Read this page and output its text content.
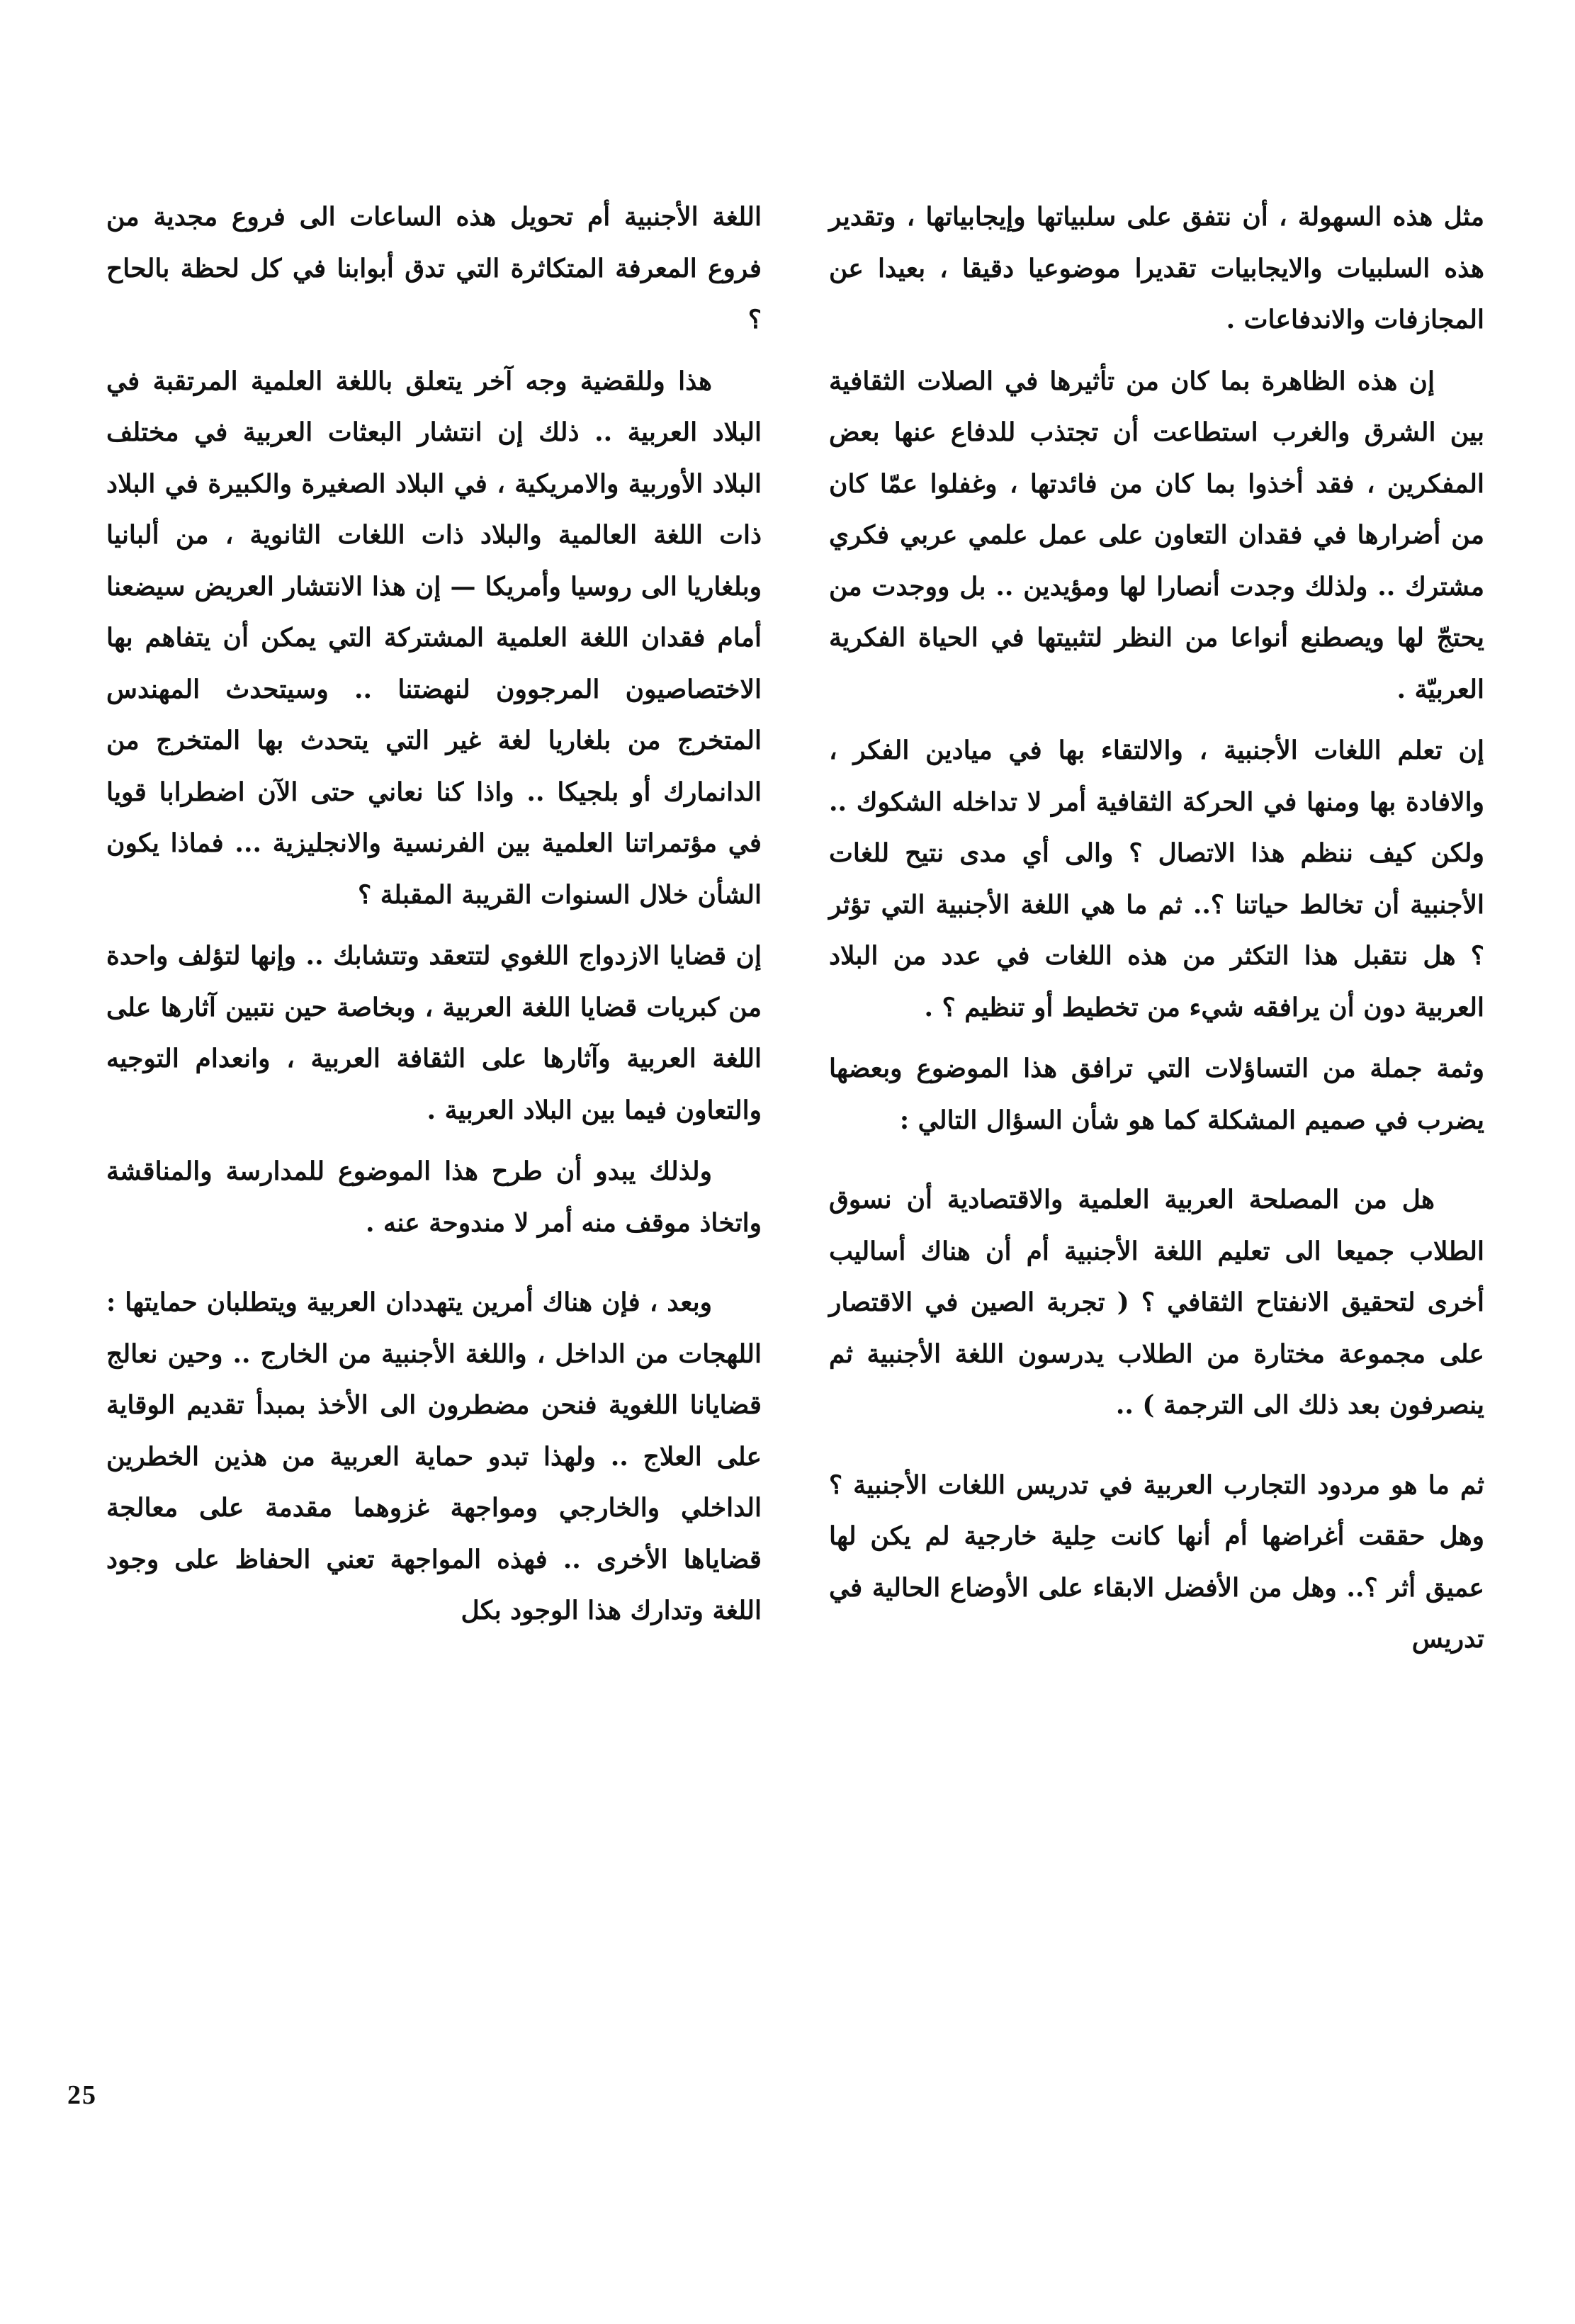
مثل هذه السهولة ، أن نتفق على سلبياتها وإيجابياتها ، وتقدير هذه السلبيات والايجابيات تقديرا موضوعيا دقيقا ، بعيدا عن المجازفات والاندفاعات .

إن هذه الظاهرة بما كان من تأثيرها في الصلات الثقافية بين الشرق والغرب استطاعت أن تجتذب للدفاع عنها بعض المفكرين ، فقد أخذوا بما كان من فائدتها ، وغفلوا عمّا كان من أضرارها في فقدان التعاون على عمل علمي عربي فكري مشترك .. ولذلك وجدت أنصارا لها ومؤيدين .. بل ووجدت من يحتجّ لها ويصطنع أنواعا من النظر لتثبيتها في الحياة الفكرية العربيّة .

إن تعلم اللغات الأجنبية ، والالتقاء بها في ميادين الفكر ، والافادة بها ومنها في الحركة الثقافية أمر لا تداخله الشكوك .. ولكن كيف ننظم هذا الاتصال ؟ والى أي مدى نتيح للغات الأجنبية أن تخالط حياتنا ؟.. ثم ما هي اللغة الأجنبية التي تؤثر ؟ هل نتقبل هذا التكثر من هذه اللغات في عدد من البلاد العربية دون أن يرافقه شيء من تخطيط أو تنظيم ؟ .

وثمة جملة من التساؤلات التي ترافق هذا الموضوع وبعضها يضرب في صميم المشكلة كما هو شأن السؤال التالي :

هل من المصلحة العربية العلمية والاقتصادية أن نسوق الطلاب جميعا الى تعليم اللغة الأجنبية أم أن هناك أساليب أخرى لتحقيق الانفتاح الثقافي ؟ ( تجربة الصين في الاقتصار على مجموعة مختارة من الطلاب يدرسون اللغة الأجنبية ثم ينصرفون بعد ذلك الى الترجمة ) ..

ثم ما هو مردود التجارب العربية في تدريس اللغات الأجنبية ؟ وهل حققت أغراضها أم أنها كانت حِلية خارجية لم يكن لها عميق أثر ؟.. وهل من الأفضل الابقاء على الأوضاع الحالية في تدريس

اللغة الأجنبية أم تحويل هذه الساعات الى فروع مجدية من فروع المعرفة المتكاثرة التي تدق أبوابنا في كل لحظة بالحاح ؟

هذا وللقضية وجه آخر يتعلق باللغة العلمية المرتقبة في البلاد العربية .. ذلك إن انتشار البعثات العربية في مختلف البلاد الأوربية والامريكية ، في البلاد الصغيرة والكبيرة في البلاد ذات اللغة العالمية والبلاد ذات اللغات الثانوية ، من ألبانيا وبلغاريا الى روسيا وأمريكا — إن هذا الانتشار العريض سيضعنا أمام فقدان اللغة العلمية المشتركة التي يمكن أن يتفاهم بها الاختصاصيون المرجوون لنهضتنا .. وسيتحدث المهندس المتخرج من بلغاريا لغة غير التي يتحدث بها المتخرج من الدانمارك أو بلجيكا .. واذا كنا نعاني حتى الآن اضطرابا قويا في مؤتمراتنا العلمية بين الفرنسية والانجليزية ... فماذا يكون الشأن خلال السنوات القريبة المقبلة ؟

إن قضايا الازدواج اللغوي لتتعقد وتتشابك .. وإنها لتؤلف واحدة من كبريات قضايا اللغة العربية ، وبخاصة حين نتبين آثارها على اللغة العربية وآثارها على الثقافة العربية ، وانعدام التوجيه والتعاون فيما بين البلاد العربية .

ولذلك يبدو أن طرح هذا الموضوع للمدارسة والمناقشة واتخاذ موقف منه أمر لا مندوحة عنه .

وبعد ، فإن هناك أمرين يتهددان العربية ويتطلبان حمايتها : اللهجات من الداخل ، واللغة الأجنبية من الخارج .. وحين نعالج قضايانا اللغوية فنحن مضطرون الى الأخذ بمبدأ تقديم الوقاية على العلاج .. ولهذا تبدو حماية العربية من هذين الخطرين الداخلي والخارجي ومواجهة غزوهما مقدمة على معالجة قضاياها الأخرى .. فهذه المواجهة تعني الحفاظ على وجود اللغة وتدارك هذا الوجود بكل

25
